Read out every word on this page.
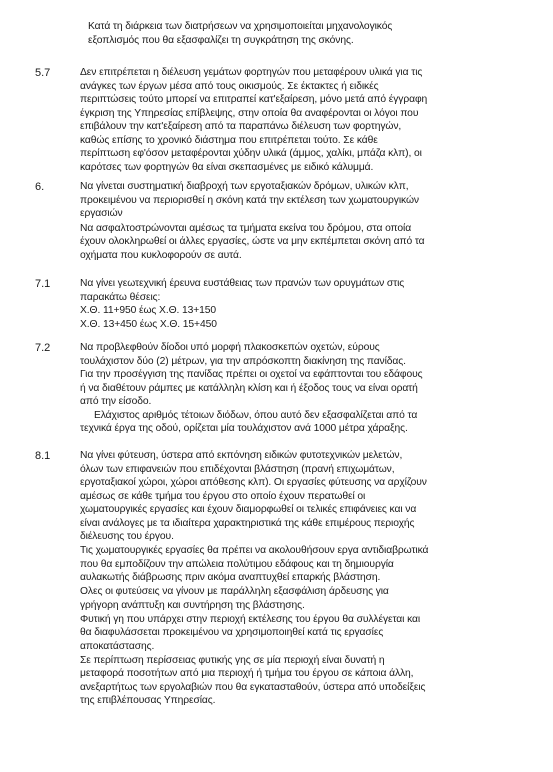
Κατά τη διάρκεια των διατρήσεων να χρησιμοποιείται μηχανολογικός
εξοπλισμός που θα εξασφαλίζει τη συγκράτηση της σκόνης.
5.7	Δεν επιτρέπεται η διέλευση γεμάτων φορτηγών που μεταφέρουν υλικά για τις
ανάγκες των έργων μέσα από τους οικισμούς. Σε έκτακτες ή ειδικές
περιπτώσεις τούτο μπορεί να επιτραπεί κατ'εξαίρεση, μόνο μετά από έγγραφη
έγκριση της Υπηρεσίας επίβλεψης, στην οποία θα αναφέρονται οι λόγοι που
επιβάλουν την κατ'εξαίρεση από τα παραπάνω διέλευση των φορτηγών,
καθώς επίσης το χρονικό διάστημα που επιτρέπεται τούτο. Σε κάθε
περίπτωση εφ'όσον μεταφέρονται χύδην υλικά (άμμος, χαλίκι, μπάζα κλπ), οι
καρότσες των φορτηγών θα είναι σκεπασμένες με ειδικό κάλυμμά.
6.	Να γίνεται συστηματική διαβροχή των εργοταξιακών δρόμων, υλικών κλπ,
προκειμένου να περιορισθεί η σκόνη κατά την εκτέλεση των χωματουργικών
εργασιών
Να ασφαλτοστρώνονται αμέσως τα τμήματα εκείνα του δρόμου, στα οποία
έχουν ολοκληρωθεί οι άλλες εργασίες, ώστε να μην εκπέμπεται σκόνη από τα
οχήματα που κυκλοφορούν σε αυτά.
7.1	Να γίνει γεωτεχνική έρευνα ευστάθειας των πρανών των ορυγμάτων στις
παρακάτω θέσεις:
Χ.Θ. 11+950 έως Χ.Θ. 13+150
Χ.Θ. 13+450 έως Χ.Θ. 15+450
7.2	Να προβλεφθούν δίοδοι υπό μορφή πλακοσκεπών οχετών, εύρους
τουλάχιστον δύο (2) μέτρων, για την απρόσκοπτη διακίνηση της πανίδας.
Για την προσέγγιση της πανίδας πρέπει οι οχετοί να εφάπτονται του εδάφους
ή να διαθέτουν ράμπες με κατάλληλη κλίση και ή έξοδος τους να είναι ορατή
από την είσοδο.
Ελάχιστος αριθμός τέτοιων διόδων, όπου αυτό δεν εξασφαλίζεται από τα
τεχνικά έργα της οδού, ορίζεται μία τουλάχιστον ανά 1000 μέτρα χάραξης.
8.1	Να γίνει φύτευση, ύστερα από εκπόνηση ειδικών φυτοτεχνικών μελετών,
όλων των επιφανειών που επιδέχονται βλάστηση (πρανή επιχωμάτων,
εργοταξιακοί χώροι, χώροι απόθεσης κλπ). Οι εργασίες φύτευσης να αρχίζουν
αμέσως σε κάθε τμήμα του έργου στο οποίο έχουν περατωθεί οι
χωματουργικές εργασίες και έχουν διαμορφωθεί οι τελικές επιφάνειες και να
είναι ανάλογες με τα ιδιαίτερα χαρακτηριστικά της κάθε επιμέρους περιοχής
διέλευσης του έργου.
Τις χωματουργικές εργασίες θα πρέπει να ακολουθήσουν εργα αντιδιαβρωτικά
που θα εμποδίζουν την απώλεια πολύτιμου εδάφους και τη δημιουργία
αυλακωτής διάβρωσης πριν ακόμα αναπτυχθεί επαρκής βλάστηση.
Ολες οι φυτεύσεις να γίνουν με παράλληλη εξασφάλιση άρδευσης για
γρήγορη ανάπτυξη και συντήρηση της βλάστησης.
Φυτική γη που υπάρχει στην περιοχή εκτέλεσης του έργου θα συλλέγεται και
θα διαφυλάσσεται προκειμένου να χρησιμοποιηθεί κατά τις εργασίες
αποκατάστασης.
Σε περίπτωση περίσσειας φυτικής γης σε μία περιοχή είναι δυνατή η
μεταφορά ποσοτήτων από μια περιοχή ή τμήμα του έργου σε κάποια άλλη,
ανεξαρτήτως των εργολαβιών που θα εγκατασταθούν, ύστερα από υποδείξεις
της επιβλέπουσας Υπηρεσίας.
